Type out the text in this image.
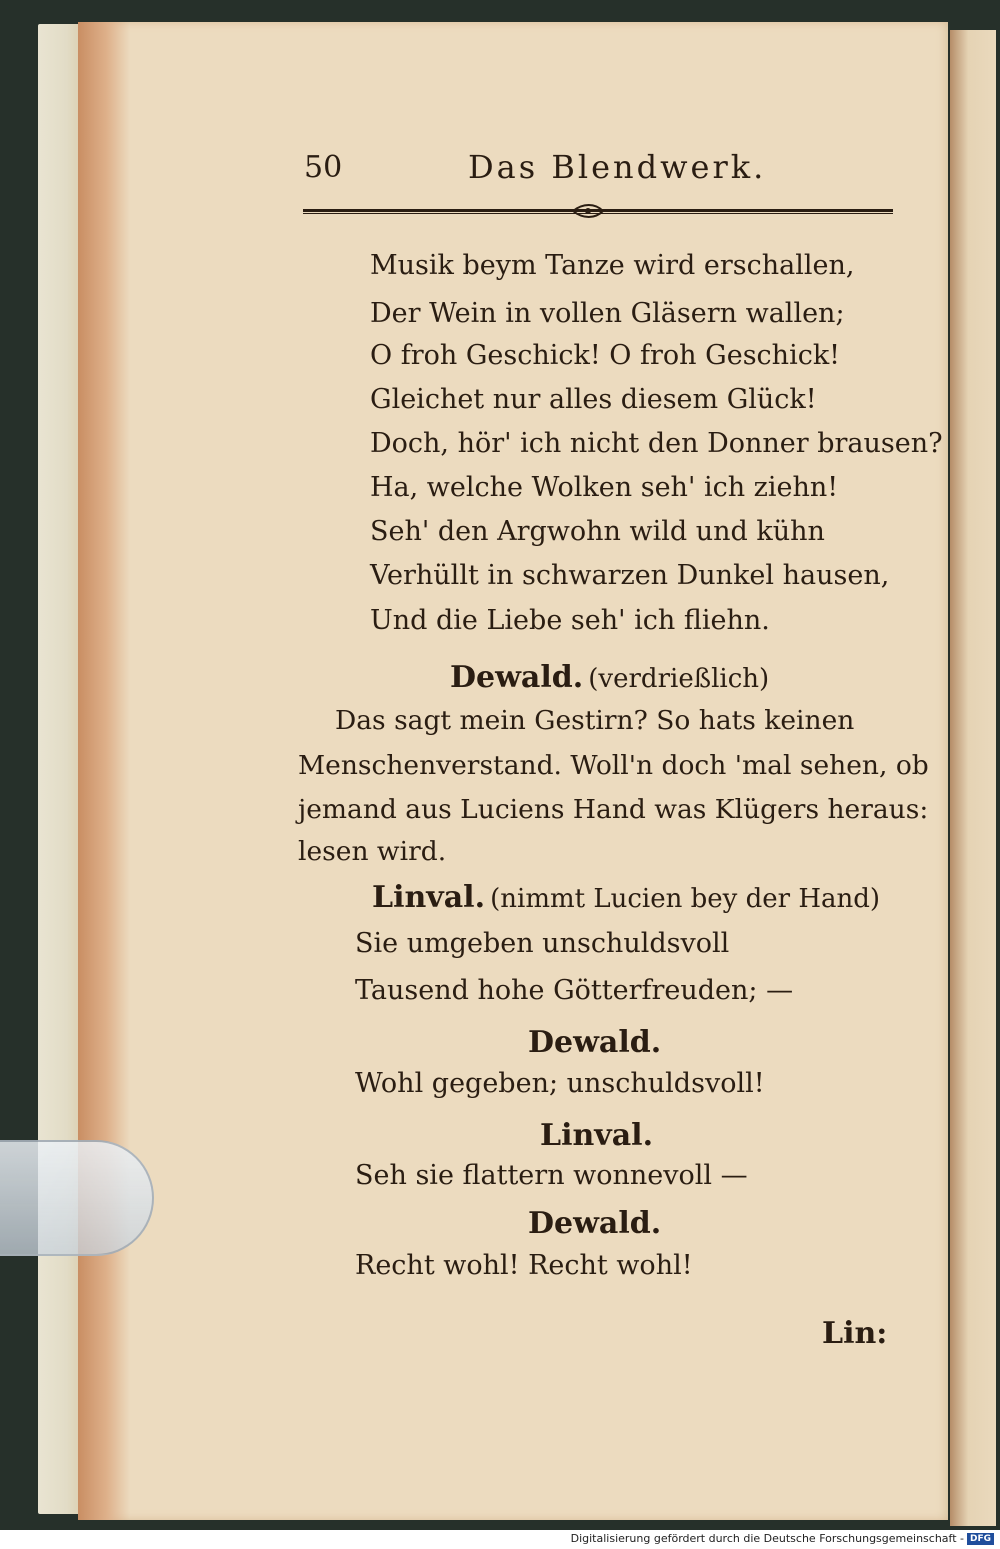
50	Das Blendwerk.
Musik beym Tanze wird erschallen,
Der Wein in vollen Gläsern wallen;
O froh Geschick! O froh Geschick!
Gleichet nur alles diesem Glück!
Doch, hör' ich nicht den Donner brausen?
Ha, welche Wolken seh' ich ziehn!
Seh' den Argwohn wild und kühn
Verhüllt in schwarzen Dunkel hausen,
Und die Liebe seh' ich fliehn.
Dewald. (verdrießlich)
Das sagt mein Gestirn? So hats keinen
Menschenverstand. Woll'n doch 'mal sehen, ob
jemand aus Luciens Hand was Klügers heraus:
lesen wird.
Linval. (nimmt Lucien bey der Hand)
Sie umgeben unschuldsvoll
Tausend hohe Götterfreuden; —
Dewald.
Wohl gegeben; unschuldsvoll!
Linval.
Seh sie flattern wonnevoll —
Dewald.
Recht wohl! Recht wohl!
Lin:
Digitalisierung gefördert durch die Deutsche Forschungsgemeinschaft - DFG
